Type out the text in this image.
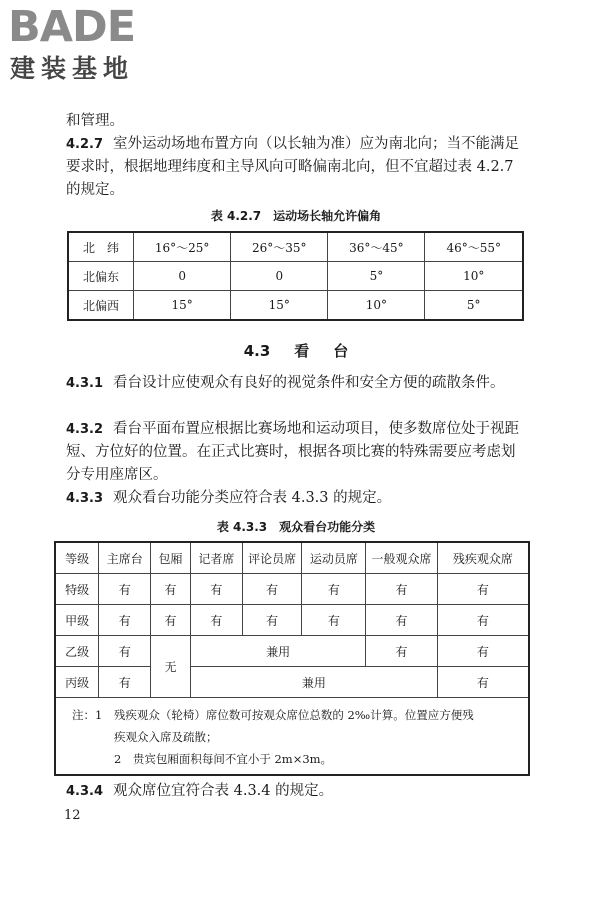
BADE
建装基地
和管理。
4.2.7 室外运动场地布置方向（以长轴为准）应为南北向；当不能满足要求时，根据地理纬度和主导风向可略偏南北向，但不宜超过表 4.2.7 的规定。
表 4.2.7　运动场长轴允许偏角
北　纬	16°～25°	26°～35°	36°～45°	46°～55°
北偏东	0	0	5°	10°
北偏西	15°	15°	10°	5°
4.3 看 台
4.3.1 看台设计应使观众有良好的视觉条件和安全方便的疏散条件。
4.3.2 看台平面布置应根据比赛场地和运动项目，使多数席位处于视距短、方位好的位置。在正式比赛时，根据各项比赛的特殊需要应考虑划分专用座席区。
4.3.3 观众看台功能分类应符合表 4.3.3 的规定。
表 4.3.3　观众看台功能分类
等级	主席台	包厢	记者席	评论员席	运动员席	一般观众席	残疾观众席
特级	有	有	有	有	有	有	有
甲级	有	有	有	有	有	有	有
乙级	有	无	兼用			有	有
丙级	有		兼用				有

注：1　 残疾观众（轮椅）席位数可按观众席位总数的 2‰计算。位置应方便残
疾观众入席及疏散；
2　 贵宾包厢面积每间不宜小于 2m×3m。							
4.3.4 观众席位宜符合表 4.3.4 的规定。
12
